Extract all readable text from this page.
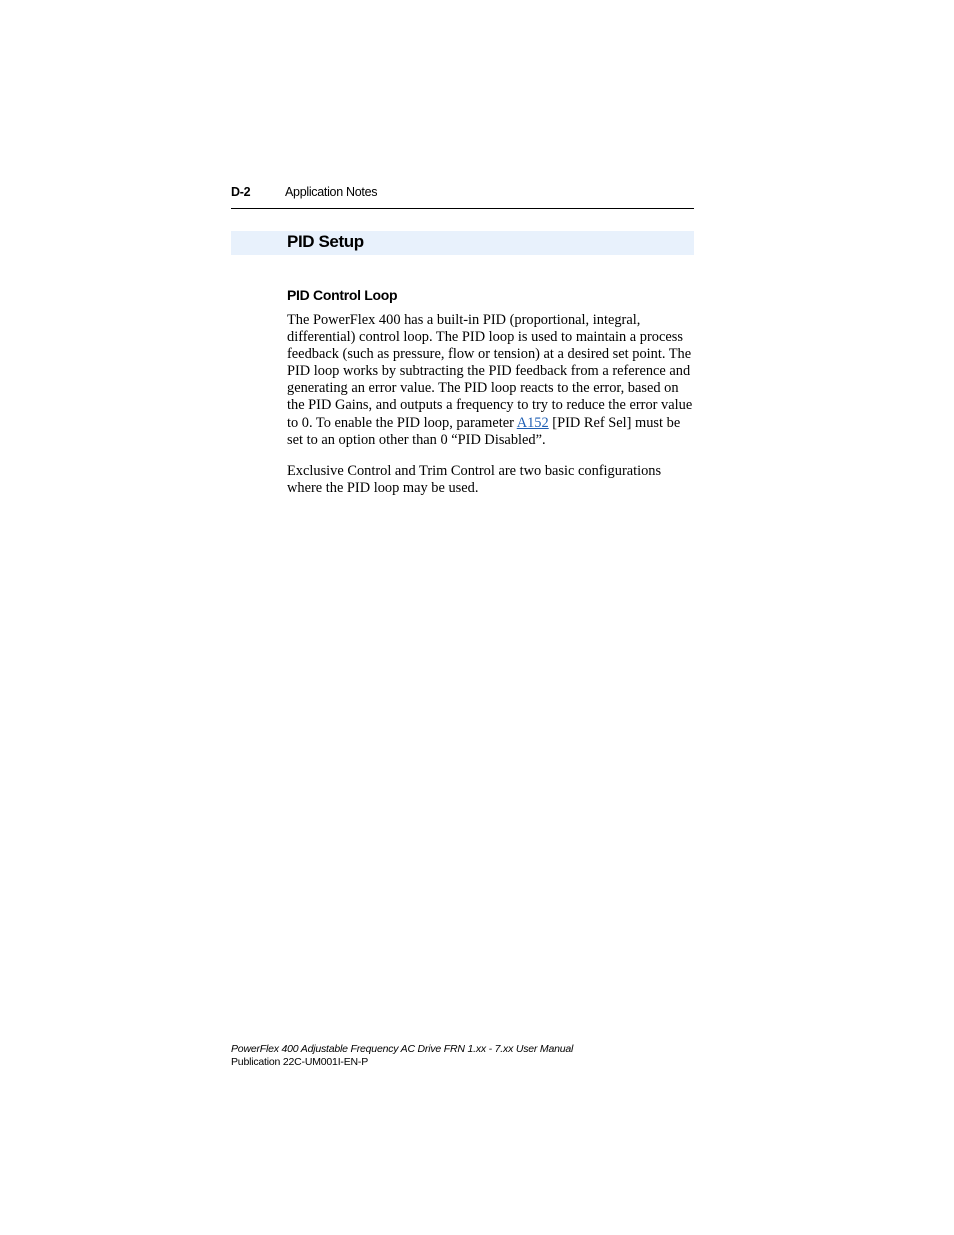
D-2	Application Notes
PID Setup
PID Control Loop

The PowerFlex 400 has a built-in PID (proportional, integral, differential) control loop. The PID loop is used to maintain a process feedback (such as pressure, flow or tension) at a desired set point. The PID loop works by subtracting the PID feedback from a reference and generating an error value. The PID loop reacts to the error, based on the PID Gains, and outputs a frequency to try to reduce the error value to 0. To enable the PID loop, parameter A152 [PID Ref Sel] must be set to an option other than 0 “PID Disabled”.

Exclusive Control and Trim Control are two basic configurations where the PID loop may be used.

PowerFlex 400 Adjustable Frequency AC Drive FRN 1.xx - 7.xx User Manual
Publication 22C-UM001I-EN-P
